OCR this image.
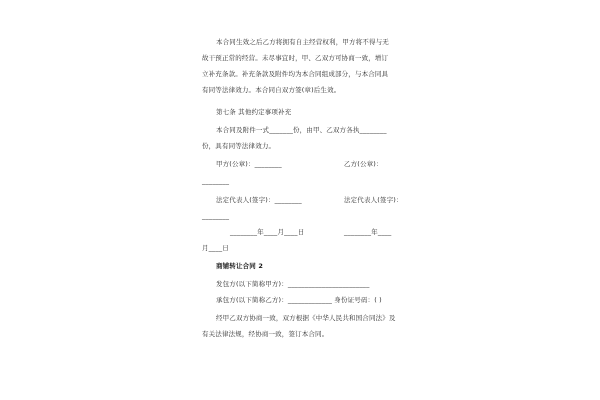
本合同生效之后乙方将拥有自主经营权利，甲方将不得与无
故干预正常的经营。未尽事宜时，甲、乙双方可协商一致，增订
立补充条款。补充条款及附件均为本合同组成部分，与本合同具
有同等法律效力。本合同自双方签(章)后生效。
第七条 其他约定事项补充
本合同及附件一式_______份，由甲、乙双方各执________
份，具有同等法律效力。
甲方(公章)：________	乙方(公章)：
________
法定代表人(签字)：________	法定代表人(签字)：
________
________年____月____日	________年____
月____日
商铺转让合同 2
发包方(以下简称甲方)：________________________
承包方(以下简称乙方)：_____________ 身份证号码：( )
经甲乙双方协商一致，双方根据《中华人民共和国合同法》及
有关法律法规，经协商一致，签订本合同。
